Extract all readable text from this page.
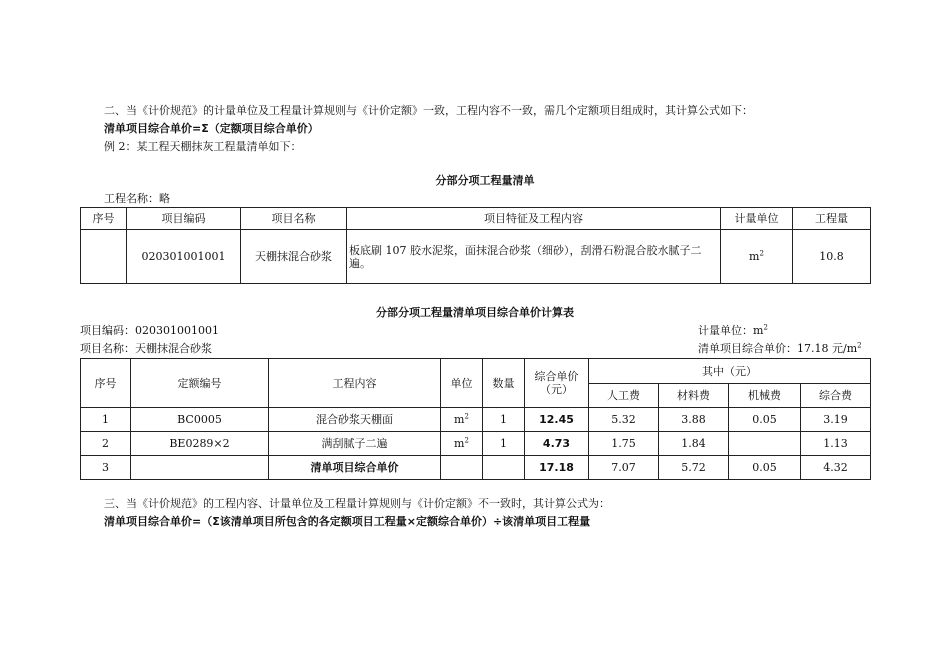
二、当《计价规范》的计量单位及工程量计算规则与《计价定额》一致，工程内容不一致，需几个定额项目组成时，其计算公式如下：
清单项目综合单价=Σ（定额项目综合单价）
例 2：某工程天棚抹灰工程量清单如下：
分部分项工程量清单
工程名称：略
序号	项目编码	项目名称	项目特征及工程内容	计量单位	工程量
	020301001001	天棚抹混合砂浆	板底刷 107 胶水泥浆，面抹混合砂浆（细砂），刮滑石粉混合胶水腻子二遍。	$m^2$	10.8
分部分项工程量清单项目综合单价计算表
项目编码：020301001001	计量单位：$m^2$
项目名称：天棚抹混合砂浆	清单项目综合单价：17.18 元$/m^2$
序号	定额编号	工程内容	单位	数量	综合单价
（元）	其中（元）			
						人工费	材料费	机械费	综合费
1	BC0005	混合砂浆天棚面	$m^2$	1	12.45	5.32	3.88	0.05	3.19
2	BE0289×2	满刮腻子二遍	$m^2$	1	4.73	1.75	1.84		1.13
3		清单项目综合单价			17.18	7.07	5.72	0.05	4.32
三、当《计价规范》的工程内容、计量单位及工程量计算规则与《计价定额》不一致时，其计算公式为：
清单项目综合单价=（Σ该清单项目所包含的各定额项目工程量×定额综合单价）÷该清单项目工程量
